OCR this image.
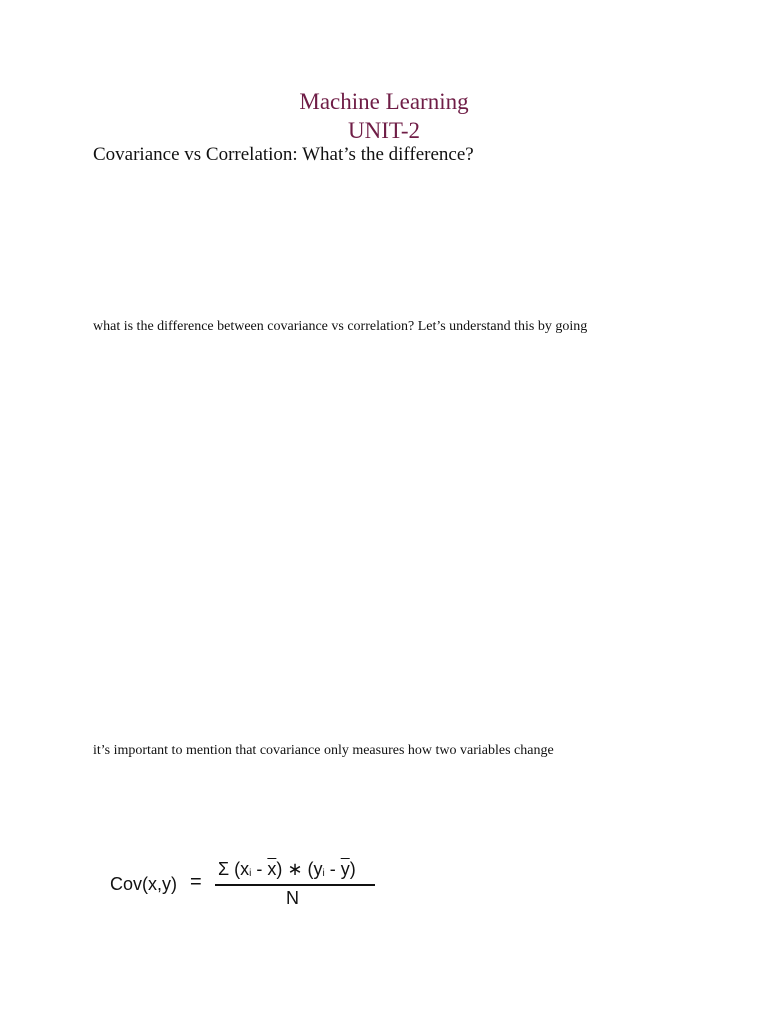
Machine Learning
UNIT-2
Covariance vs Correlation: What’s the difference?
what is the difference between covariance vs correlation? Let’s understand this by going
it’s important to mention that covariance only measures how two variables change
Cov(x,y) =
Σ $(x_i - \overline{x})$ ∗ $(y_i - \overline{y})$
N
